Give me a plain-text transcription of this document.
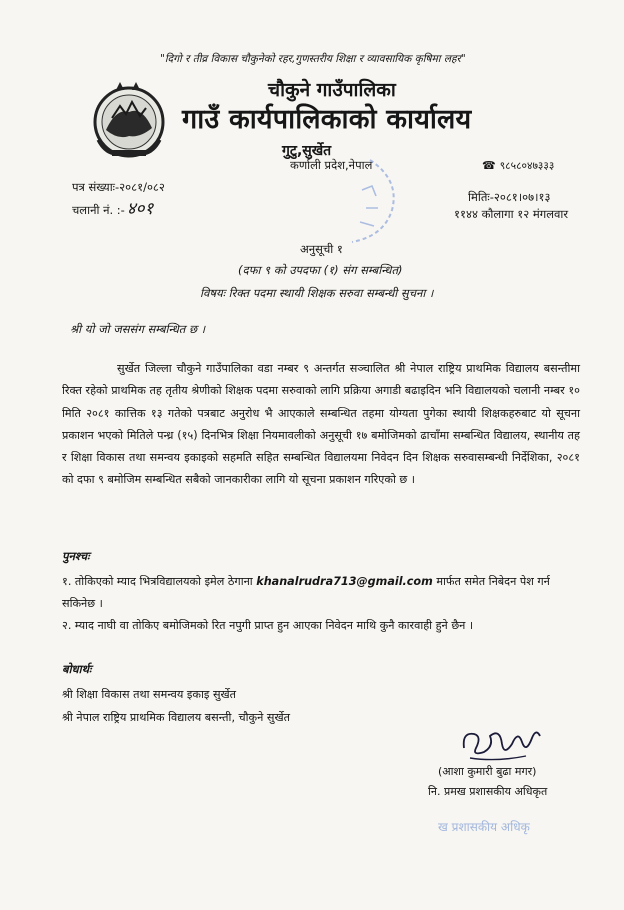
"दिगो र तीव्र विकास चौकुनेको रहर,गुणस्तरीय शिक्षा र व्यावसायिक कृषिमा लहर"
चौकुने गाउँपालिका
गाउँ कार्यपालिकाको कार्यालय
गुटु,सुर्खेत
कर्णाली प्रदेश,नेपाल	☎ ९८५८०४७३३३
पत्र संख्याः-२०८१/०८२
चलानी नं. :- ४०१
मितिः-२०८१।०७।१३
११४४ कौलागा १२ मंगलवार
अनुसूची १
(दफा ९ को उपदफा (१) संग सम्बन्धित)
विषयः रिक्त पदमा स्थायी शिक्षक सरुवा सम्बन्धी सुचना ।
श्री यो जो जससंग सम्बन्धित छ ।
सुर्खेत जिल्ला चौकुने गाउँपालिका वडा नम्बर ९ अन्तर्गत सञ्चालित श्री नेपाल राष्ट्रिय प्राथमिक विद्यालय बसन्तीमा रिक्त रहेको प्राथमिक तह तृतीय श्रेणीको शिक्षक पदमा सरुवाको लागि प्रक्रिया अगाडी बढाइदिन भनि विद्यालयको चलानी नम्बर १० मिति २०८१ कात्तिक १३ गतेको पत्रबाट अनुरोध भै आएकाले सम्बन्धित तहमा योग्यता पुगेका स्थायी शिक्षकहरुबाट यो सूचना प्रकाशन भएको मितिले पन्ध्र (१५) दिनभित्र शिक्षा नियमावलीको अनुसूची १७ बमोजिमको ढाचाँमा सम्बन्धित विद्यालय, स्थानीय तह र शिक्षा विकास तथा समन्वय इकाइको सहमति सहित सम्बन्धित विद्यालयमा निवेदन दिन शिक्षक सरुवासम्बन्धी निर्देशिका, २०८१ को दफा ९ बमोजिम सम्बन्धित सबैको जानकारीका लागि यो सूचना प्रकाशन गरिएको छ ।
पुनश्चः
१. तोकिएको म्याद भित्रविद्यालयको इमेल ठेगाना khanalrudra713@gmail.com मार्फत समेत निबेदन पेश गर्न सकिनेछ ।
२. म्याद नाघी वा तोकिए बमोजिमको रित नपुगी प्राप्त हुन आएका निवेदन माथि कुनै कारवाही हुने छैन ।
बोधार्थः
श्री शिक्षा विकास तथा समन्वय इकाइ सुर्खेत
श्री नेपाल राष्ट्रिय प्राथमिक विद्यालय बसन्ती, चौकुने सुर्खेत
(आशा कुमारी बुढा मगर)
नि. प्रमख प्रशासकीय अधिकृत
ख प्रशासकीय अधिकृ
